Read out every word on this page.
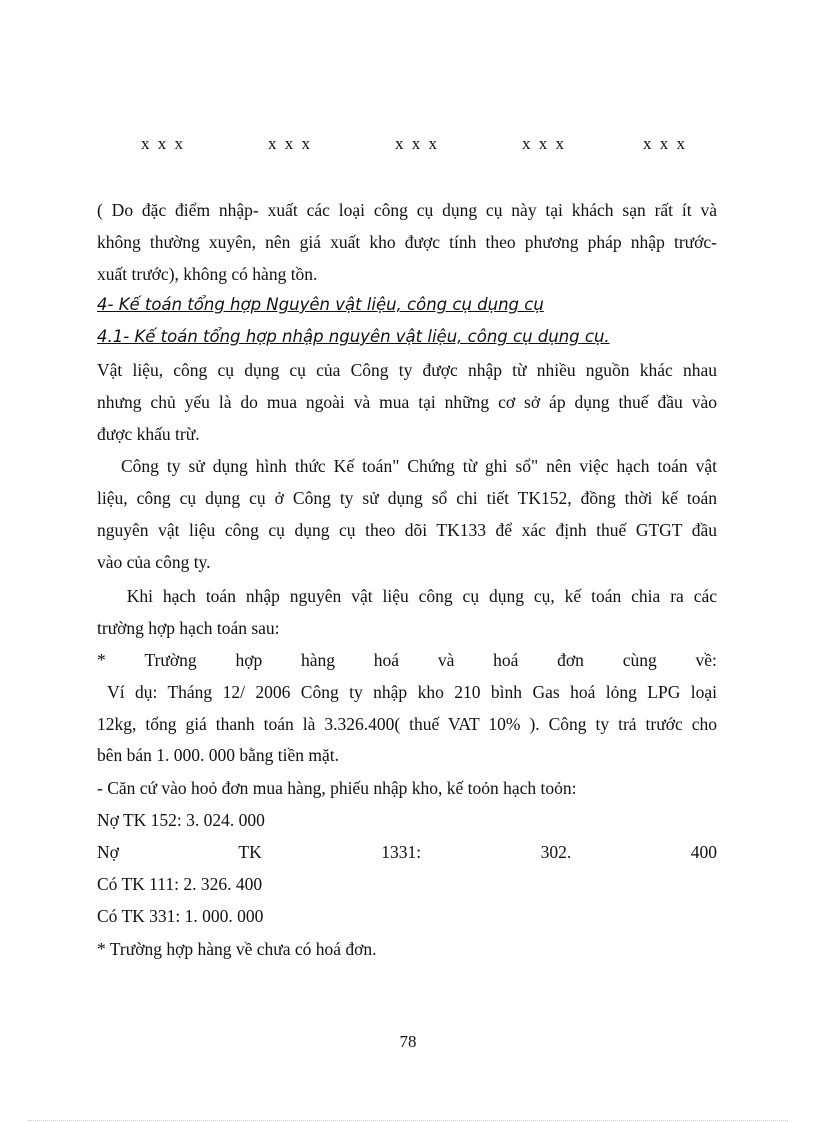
x x x	x x x	x x x	x x x	x x x
( Do đặc điểm nhập- xuất các loại công cụ dụng cụ này tại khách sạn rất ít và
không thường xuyên, nên giá xuất kho được tính theo phương pháp nhập trước-
xuất trước), không có hàng tồn.
4- Kế toán tổng hợp Nguyên vật liệu, công cụ dụng cụ
4.1- Kế toán tổng hợp nhập nguyên vật liệu, công cụ dụng cụ.
Vật liệu, công cụ dụng cụ của Công ty được nhập từ nhiều nguồn khác nhau
nhưng chủ yếu là do mua ngoài và mua tại những cơ sở áp dụng thuế đầu vào
được khấu trừ.
Công ty sử dụng hình thức Kế toán" Chứng từ ghi sổ" nên việc hạch toán vật
liệu, công cụ dụng cụ ở Công ty sử dụng sổ chi tiết TK152, đồng thời kế toán
nguyên vật liệu công cụ dụng cụ theo dõi TK133 để xác định thuế GTGT đầu
vào của công ty.
Khi hạch toán nhập nguyên vật liệu công cụ dụng cụ, kế toán chia ra các
trường hợp hạch toán sau:
* Trường hợp hàng hoá và hoá đơn cùng về:
Ví dụ: Tháng 12/ 2006 Công ty nhập kho 210 bình Gas hoá lỏng LPG loại
12kg, tổng giá thanh toán là 3.326.400( thuế VAT 10% ). Công ty trả trước cho
bên bán 1. 000. 000 bằng tiền mặt.
- Căn cứ vào hoỏ đơn mua hàng, phiếu nhập kho, kế toỏn hạch toỏn:
Nợ TK 152: 3. 024. 000
Nợ	TK	1331:	302.	400
Có TK 111: 2. 326. 400
Có TK 331: 1. 000. 000
* Trường hợp hàng về chưa có hoá đơn.
78
